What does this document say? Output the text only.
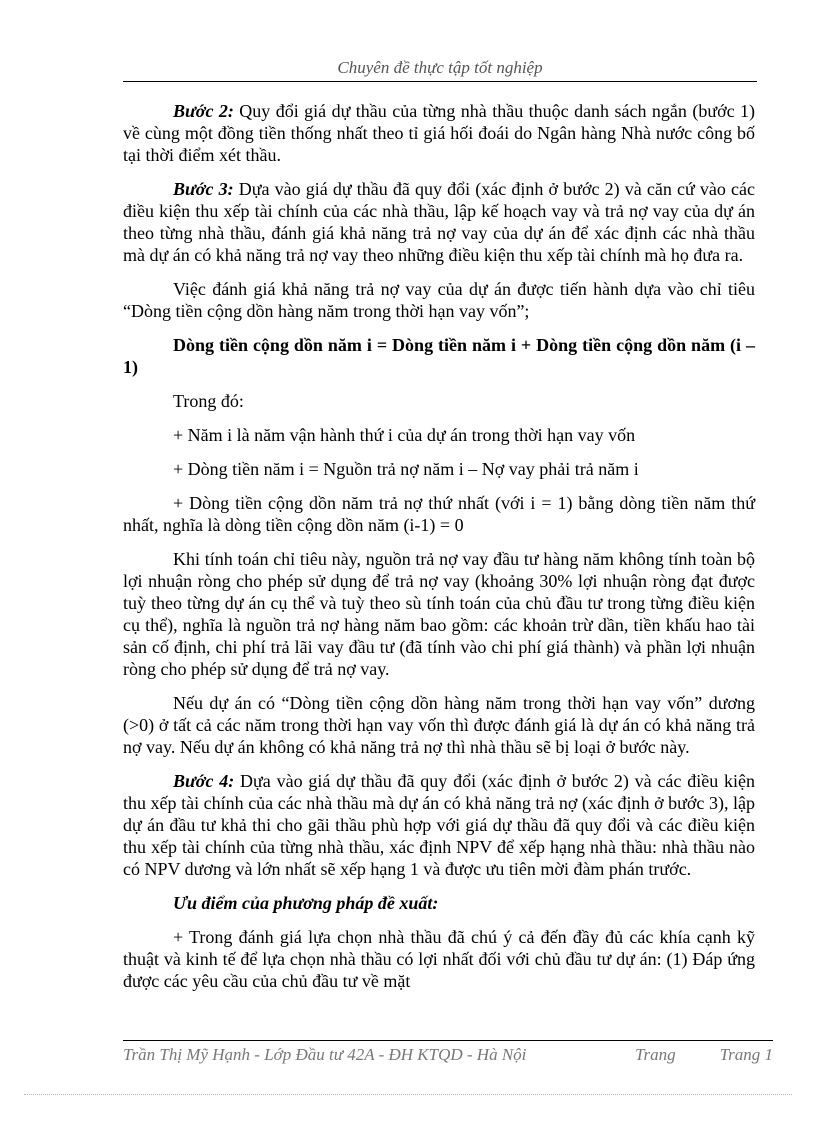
Chuyên đề thực tập tốt nghiệp

Bước 2: Quy đổi giá dự thầu của từng nhà thầu thuộc danh sách ngắn (bước 1) về cùng một đồng tiền thống nhất theo tỉ giá hối đoái do Ngân hàng Nhà nước công bố tại thời điểm xét thầu.

Bước 3: Dựa vào giá dự thầu đã quy đổi (xác định ở bước 2) và căn cứ vào các điều kiện thu xếp tài chính của các nhà thầu, lập kế hoạch vay và trả nợ vay của dự án theo từng nhà thầu, đánh giá khả năng trả nợ vay của dự án để xác định các nhà thầu mà dự án có khả năng trả nợ vay theo những điều kiện thu xếp tài chính mà họ đưa ra.

Việc đánh giá khả năng trả nợ vay của dự án được tiến hành dựa vào chỉ tiêu “Dòng tiền cộng dồn hàng năm trong thời hạn vay vốn”;

Dòng tiền cộng dồn năm i = Dòng tiền năm i + Dòng tiền cộng dồn năm (i – 1)

Trong đó:

+ Năm i là năm vận hành thứ i của dự án trong thời hạn vay vốn

+ Dòng tiền năm i = Nguồn trả nợ năm i – Nợ vay phải trả năm i

+ Dòng tiền cộng dồn năm trả nợ thứ nhất (với i = 1) bằng dòng tiền năm thứ nhất, nghĩa là dòng tiền cộng dồn năm (i-1) = 0

Khi tính toán chỉ tiêu này, nguồn trả nợ vay đầu tư hàng năm không tính toàn bộ lợi nhuận ròng cho phép sử dụng để trả nợ vay (khoảng 30% lợi nhuận ròng đạt được tuỳ theo từng dự án cụ thể và tuỳ theo sù tính toán của chủ đầu tư trong từng điều kiện cụ thể), nghĩa là nguồn trả nợ hàng năm bao gồm: các khoản trừ dần, tiền khấu hao tài sản cố định, chi phí trả lãi vay đầu tư (đã tính vào chi phí giá thành) và phần lợi nhuận ròng cho phép sử dụng để trả nợ vay.

Nếu dự án có “Dòng tiền cộng dồn hàng năm trong thời hạn vay vốn” dương (>0) ở tất cả các năm trong thời hạn vay vốn thì được đánh giá là dự án có khả năng trả nợ vay. Nếu dự án không có khả năng trả nợ thì nhà thầu sẽ bị loại ở bước này.

Bước 4: Dựa vào giá dự thầu đã quy đổi (xác định ở bước 2) và các điều kiện thu xếp tài chính của các nhà thầu mà dự án có khả năng trả nợ (xác định ở bước 3), lập dự án đầu tư khả thi cho gãi thầu phù hợp với giá dự thầu đã quy đổi và các điều kiện thu xếp tài chính của từng nhà thầu, xác định NPV để xếp hạng nhà thầu: nhà thầu nào có NPV dương và lớn nhất sẽ xếp hạng 1 và được ưu tiên mời đàm phán trước.

Ưu điểm của phương pháp đề xuất:

+ Trong đánh giá lựa chọn nhà thầu đã chú ý cả đến đầy đủ các khía cạnh kỹ thuật và kinh tế để lựa chọn nhà thầu có lợi nhất đối với chủ đầu tư dự án: (1) Đáp ứng được các yêu cầu của chủ đầu tư về mặt

Trần Thị Mỹ Hạnh - Lớp Đầu tư 42A - ĐH KTQD - Hà Nội	Trang	Trang 1
